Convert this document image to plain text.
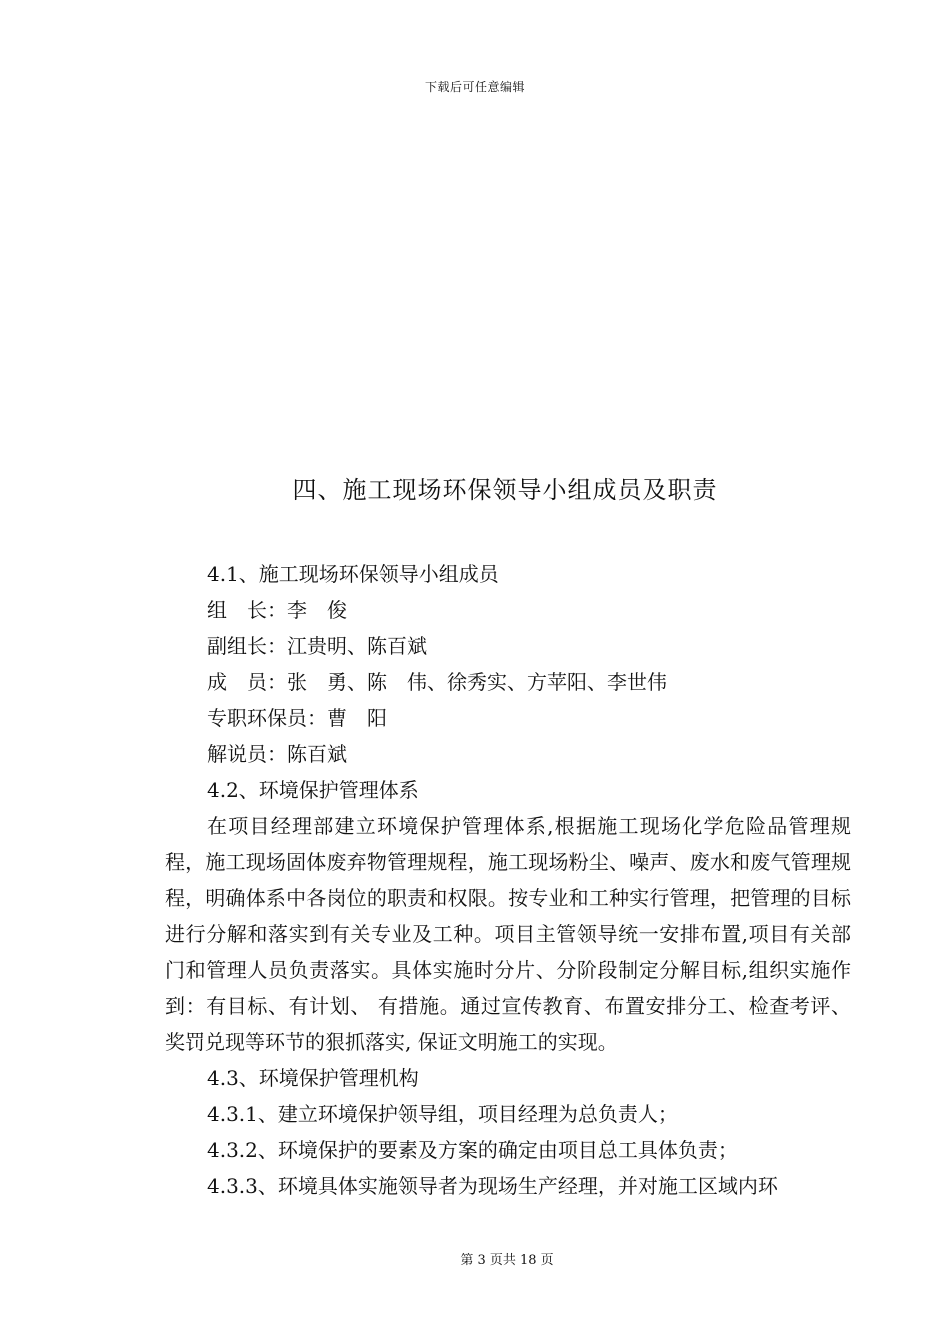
下载后可任意编辑
四、施工现场环保领导小组成员及职责
4.1、施工现场环保领导小组成员
组　长：李　俊
副组长：江贵明、陈百斌
成　员：张　勇、陈　伟、徐秀实、方苹阳、李世伟
专职环保员：曹　阳
解说员：陈百斌
4.2、环境保护管理体系

在项目经理部建立环境保护管理体系,根据施工现场化学危险品管理规程，施工现场固体废弃物管理规程，施工现场粉尘、噪声、废水和废气管理规程，明确体系中各岗位的职责和权限。按专业和工种实行管理，把管理的目标进行分解和落实到有关专业及工种。项目主管领导统一安排布置,项目有关部门和管理人员负责落实。具体实施时分片、分阶段制定分解目标,组织实施作到：有目标、有计划、 有措施。通过宣传教育、布置安排分工、检查考评、奖罚兑现等环节的狠抓落实, 保证文明施工的实现。

4.3、环境保护管理机构
4.3.1、建立环境保护领导组，项目经理为总负责人；
4.3.2、环境保护的要素及方案的确定由项目总工具体负责；
4.3.3、环境具体实施领导者为现场生产经理，并对施工区域内环
第 3 页共 18 页
